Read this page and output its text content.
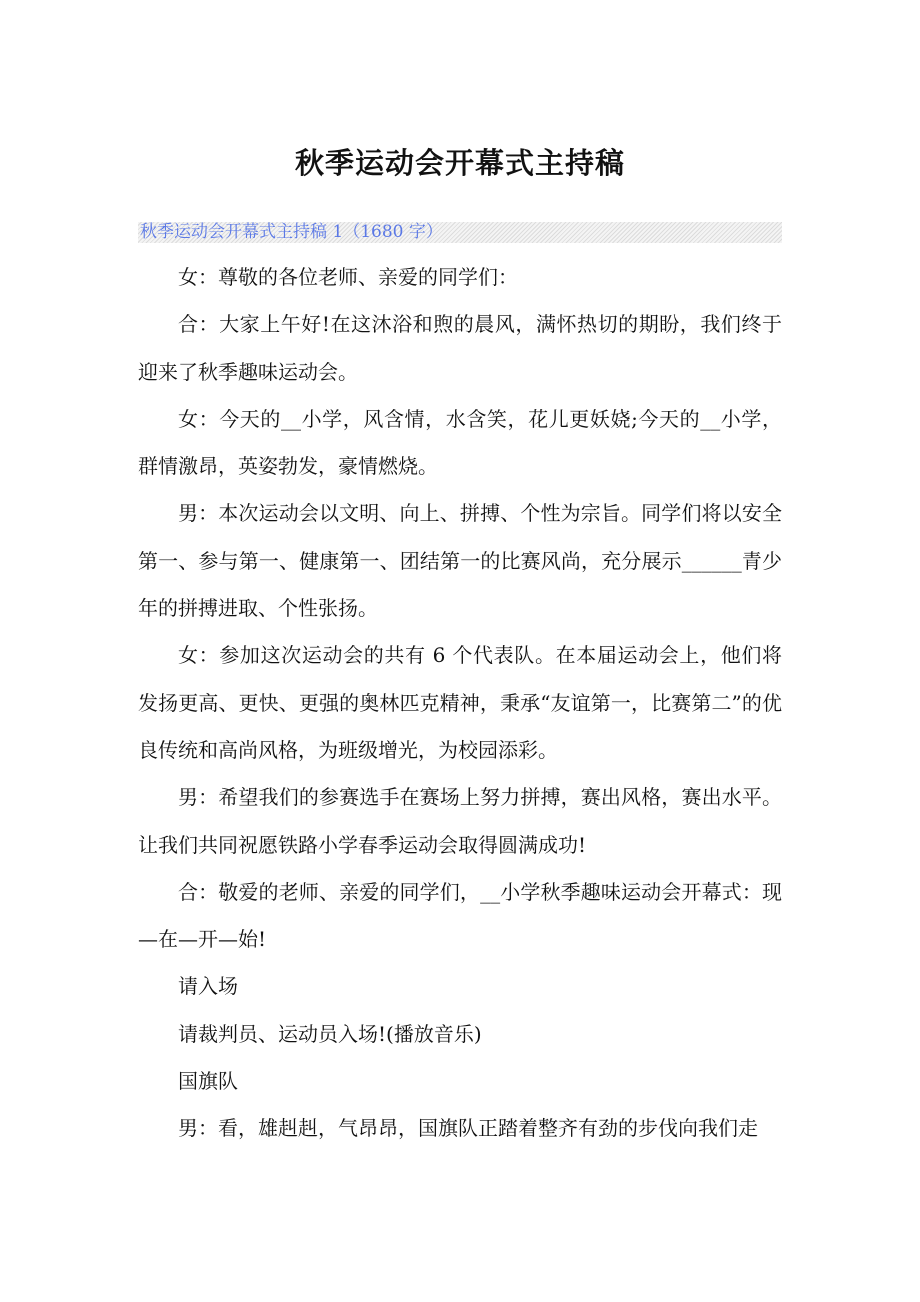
秋季运动会开幕式主持稿
秋季运动会开幕式主持稿 1（1680 字）

女：尊敬的各位老师、亲爱的同学们：

合：大家上午好!在这沐浴和煦的晨风，满怀热切的期盼，我们终于迎来了秋季趣味运动会。

女：今天的__小学，风含情，水含笑，花儿更妖娆;今天的__小学，群情激昂，英姿勃发，豪情燃烧。

男：本次运动会以文明、向上、拼搏、个性为宗旨。同学们将以安全第一、参与第一、健康第一、团结第一的比赛风尚，充分展示______青少年的拼搏进取、个性张扬。

女：参加这次运动会的共有 6 个代表队。在本届运动会上，他们将发扬更高、更快、更强的奥林匹克精神，秉承“友谊第一，比赛第二”的优良传统和高尚风格，为班级增光，为校园添彩。

男：希望我们的参赛选手在赛场上努力拼搏，赛出风格，赛出水平。让我们共同祝愿铁路小学春季运动会取得圆满成功!

合：敬爱的老师、亲爱的同学们，__小学秋季趣味运动会开幕式：现—在—开—始!

请入场

请裁判员、运动员入场!(播放音乐)

国旗队

男：看，雄赳赳，气昂昂，国旗队正踏着整齐有劲的步伐向我们走
